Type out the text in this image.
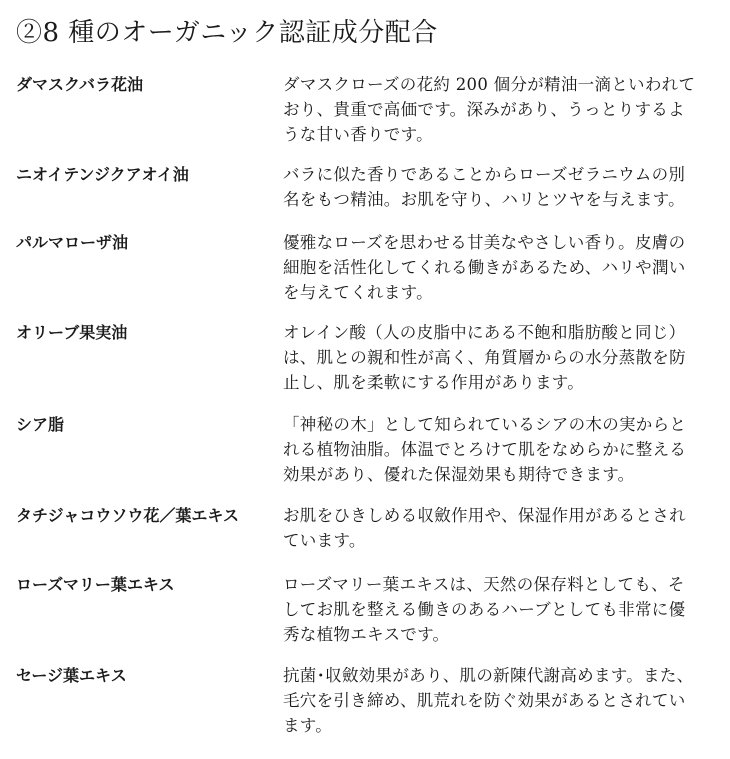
②8 種のオーガニック認証成分配合
ダマスクバラ花油	ダマスクローズの花約 200 個分が精油一滴といわれて
おり、貴重で高価です。深みがあり、うっとりするよ
うな甘い香りです。
ニオイテンジクアオイ油	バラに似た香りであることからローズゼラニウムの別
名をもつ精油。お肌を守り、ハリとツヤを与えます。
パルマローザ油	優雅なローズを思わせる甘美なやさしい香り。皮膚の
細胞を活性化してくれる働きがあるため、ハリや潤い
を与えてくれます。
オリーブ果実油	オレイン酸（人の皮脂中にある不飽和脂肪酸と同じ）
は、肌との親和性が高く、角質層からの水分蒸散を防
止し、肌を柔軟にする作用があります。
シア脂	「神秘の木」として知られているシアの木の実からと
れる植物油脂。体温でとろけて肌をなめらかに整える
効果があり、優れた保湿効果も期待できます。
タチジャコウソウ花／葉エキス	お肌をひきしめる収斂作用や、保湿作用があるとされ
ています。
ローズマリー葉エキス	ローズマリー葉エキスは、天然の保存料としても、そ
してお肌を整える働きのあるハーブとしても非常に優
秀な植物エキスです。
セージ葉エキス	抗菌･収斂効果があり、肌の新陳代謝高めます。また、
毛穴を引き締め、肌荒れを防ぐ効果があるとされてい
ます。
